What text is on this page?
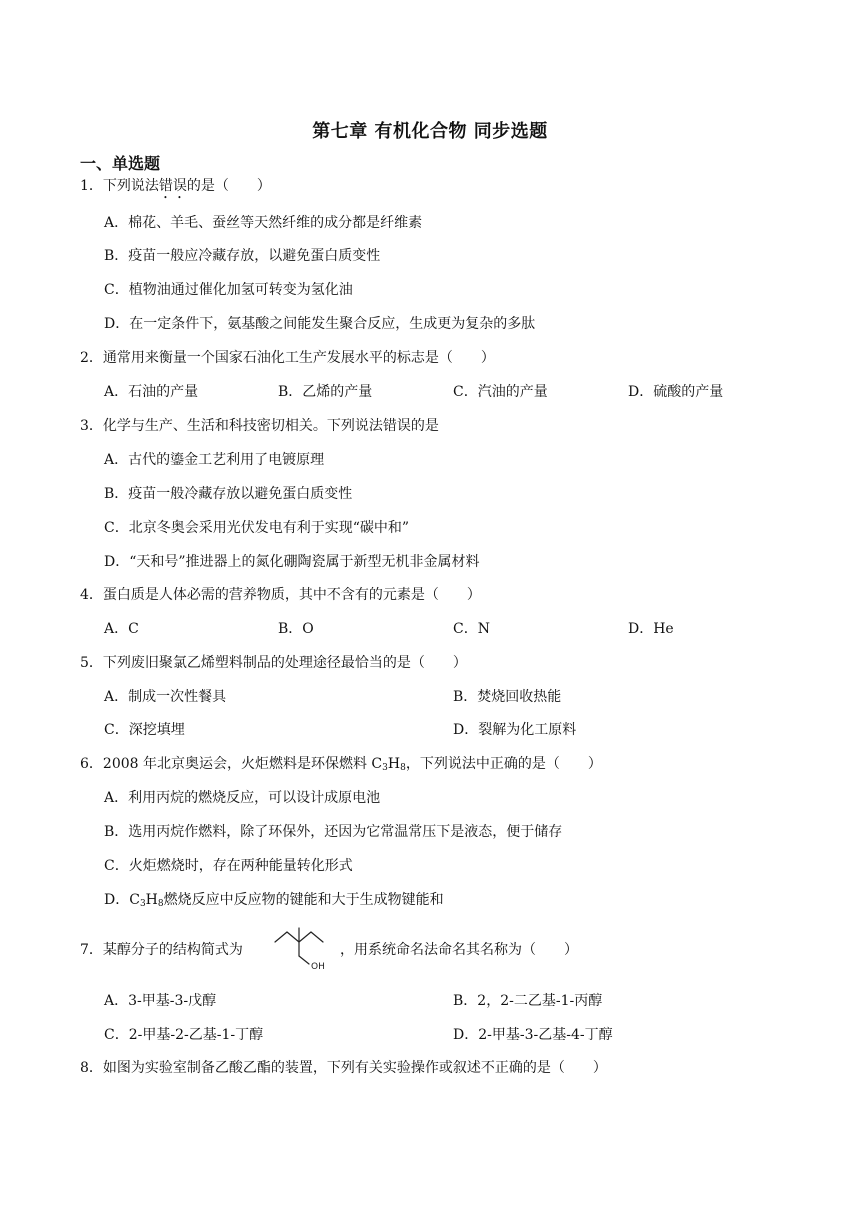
第七章 有机化合物 同步选题
一、单选题
1．下列说法错误的是（　　）
A．棉花、羊毛、蚕丝等天然纤维的成分都是纤维素
B．疫苗一般应冷藏存放，以避免蛋白质变性
C．植物油通过催化加氢可转变为氢化油
D．在一定条件下，氨基酸之间能发生聚合反应，生成更为复杂的多肽
2．通常用来衡量一个国家石油化工生产发展水平的标志是（　　）
A．石油的产量	B．乙烯的产量	C．汽油的产量	D．硫酸的产量
3．化学与生产、生活和科技密切相关。下列说法错误的是
A．古代的鎏金工艺利用了电镀原理
B．疫苗一般冷藏存放以避免蛋白质变性
C．北京冬奥会采用光伏发电有利于实现“碳中和”
D．“天和号”推进器上的氮化硼陶瓷属于新型无机非金属材料
4．蛋白质是人体必需的营养物质，其中不含有的元素是（　　）
A．C	B．O	C．N	D．He
5．下列废旧聚氯乙烯塑料制品的处理途径最恰当的是（　　）
A．制成一次性餐具	B．焚烧回收热能
C．深挖填埋	D．裂解为化工原料
6．2008 年北京奥运会，火炬燃料是环保燃料 $C_3H_8$，下列说法中正确的是（　　）
A．利用丙烷的燃烧反应，可以设计成原电池
B．选用丙烷作燃料，除了环保外，还因为它常温常压下是液态，便于储存
C．火炬燃烧时，存在两种能量转化形式
D．$C_3H_8$燃烧反应中反应物的键能和大于生成物键能和
7．某醇分子的结构简式为
OH
，用系统命名法命名其名称为（　　）
A．3-甲基-3-戊醇	B．2，2-二乙基-1-丙醇
C．2-甲基-2-乙基-1-丁醇	D．2-甲基-3-乙基-4-丁醇
8．如图为实验室制备乙酸乙酯的装置，下列有关实验操作或叙述不正确的是（　　）
